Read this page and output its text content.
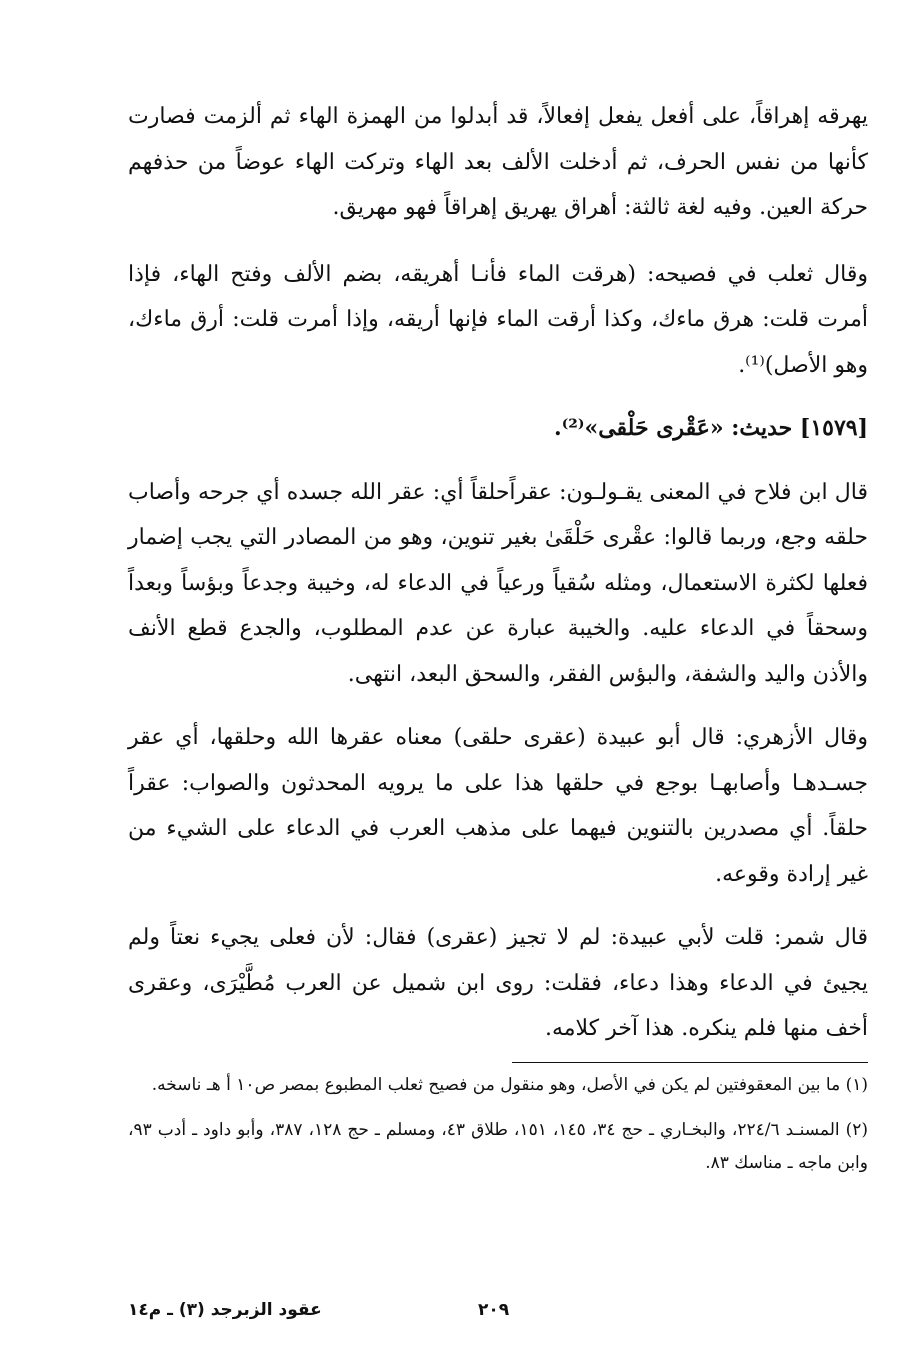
يهرقه إهراقاً، على أفعل يفعل إفعالاً، قد أبدلوا من الهمزة الهاء ثم ألزمت فصارت كأنها من نفس الحرف، ثم أدخلت الألف بعد الهاء وتركت الهاء عوضاً من حذفهم حركة العين. وفيه لغة ثالثة: أهراق يهريق إهراقاً فهو مهريق.

وقال ثعلب في فصيحه: (هرقت الماء فأنـا أهريقه، بضم الألف وفتح الهاء، فإذا أمرت قلت: هرق ماءك، وكذا أرقت الماء فإنها أريقه، وإذا أمرت قلت: أرق ماءك، وهو الأصل)⁽¹⁾.

[١٥٧٩] حديث: «عَقْرى حَلْقى»⁽²⁾.

قال ابن فلاح في المعنى يقـولـون: عقراًحلقاً أي: عقر الله جسده أي جرحه وأصاب حلقه وجع، وربما قالوا: عقْرى حَلْقَىٰ بغير تنوين، وهو من المصادر التي يجب إضمار فعلها لكثرة الاستعمال، ومثله سُقياً ورعياً في الدعاء له، وخيبة وجدعاً وبؤساً وبعداً وسحقاً في الدعاء عليه. والخيبة عبارة عن عدم المطلوب، والجدع قطع الأنف والأذن واليد والشفة، والبؤس الفقر، والسحق البعد، انتهى.

وقال الأزهري: قال أبو عبيدة (عقرى حلقى) معناه عقرها الله وحلقها، أي عقر جسـدهـا وأصابهـا بوجع في حلقها هذا على ما يرويه المحدثون والصواب: عقراً حلقاً. أي مصدرين بالتنوين فيهما على مذهب العرب في الدعاء على الشيء من غير إرادة وقوعه.

قال شمر: قلت لأبي عبيدة: لم لا تجيز (عقرى) فقال: لأن فعلى يجيء نعتاً ولم يجيئ في الدعاء وهذا دعاء، فقلت: روى ابن شميل عن العرب مُطَّيْرَى، وعقرى أخف منها فلم ينكره. هذا آخر كلامه.

(١) ما بين المعقوفتين لم يكن في الأصل، وهو منقول من فصيح ثعلب المطبوع بمصر ص١٠ أ هـ ناسخه.

(٢) المسنـد ٢٢٤/٦، والبخـاري ـ حج ٣٤، ١٤٥، ١٥١، طلاق ٤٣، ومسلم ـ حج ١٢٨، ٣٨٧، وأبو داود ـ أدب ٩٣، وابن ماجه ـ مناسك ٨٣.

٢٠٩
عقود الزبرجد (٣) ـ م١٤
